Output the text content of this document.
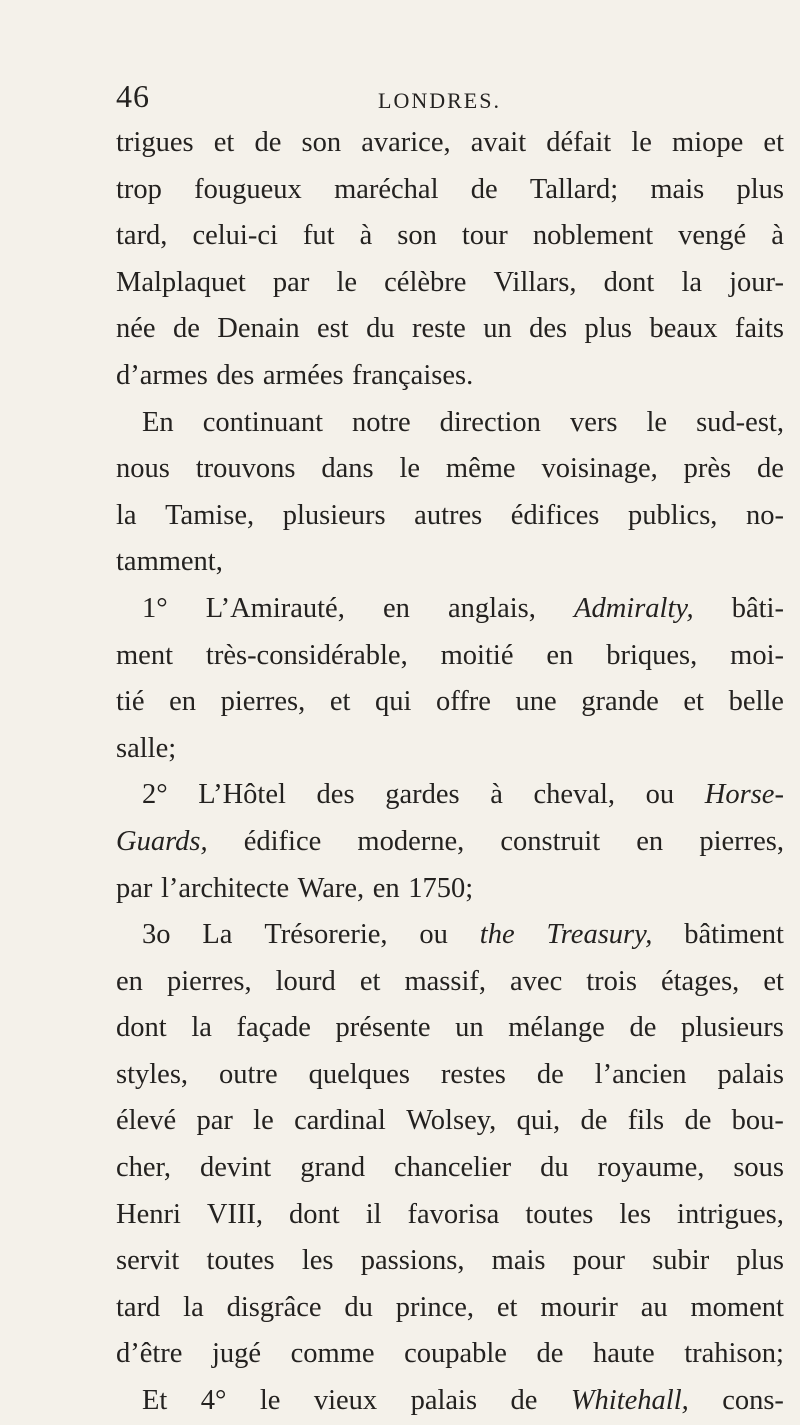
46	LONDRES.
trigues et de son avarice, avait défait le miope et
trop fougueux maréchal de Tallard; mais plus
tard, celui-ci fut à son tour noblement vengé à
Malplaquet par le célèbre Villars, dont la jour-
née de Denain est du reste un des plus beaux faits
d’armes des armées françaises.
En continuant notre direction vers le sud-est,
nous trouvons dans le même voisinage, près de
la Tamise, plusieurs autres édifices publics, no-
tamment,
1° L’Amirauté, en anglais, Admiralty, bâti-
ment très-considérable, moitié en briques, moi-
tié en pierres, et qui offre une grande et belle
salle;
2° L’Hôtel des gardes à cheval, ou Horse-
Guards, édifice moderne, construit en pierres,
par l’architecte Ware, en 1750;
3o La Trésorerie, ou the Treasury, bâtiment
en pierres, lourd et massif, avec trois étages, et
dont la façade présente un mélange de plusieurs
styles, outre quelques restes de l’ancien palais
élevé par le cardinal Wolsey, qui, de fils de bou-
cher, devint grand chancelier du royaume, sous
Henri VIII, dont il favorisa toutes les intrigues,
servit toutes les passions, mais pour subir plus
tard la disgrâce du prince, et mourir au moment
d’être jugé comme coupable de haute trahison;
Et 4° le vieux palais de Whitehall, cons-
